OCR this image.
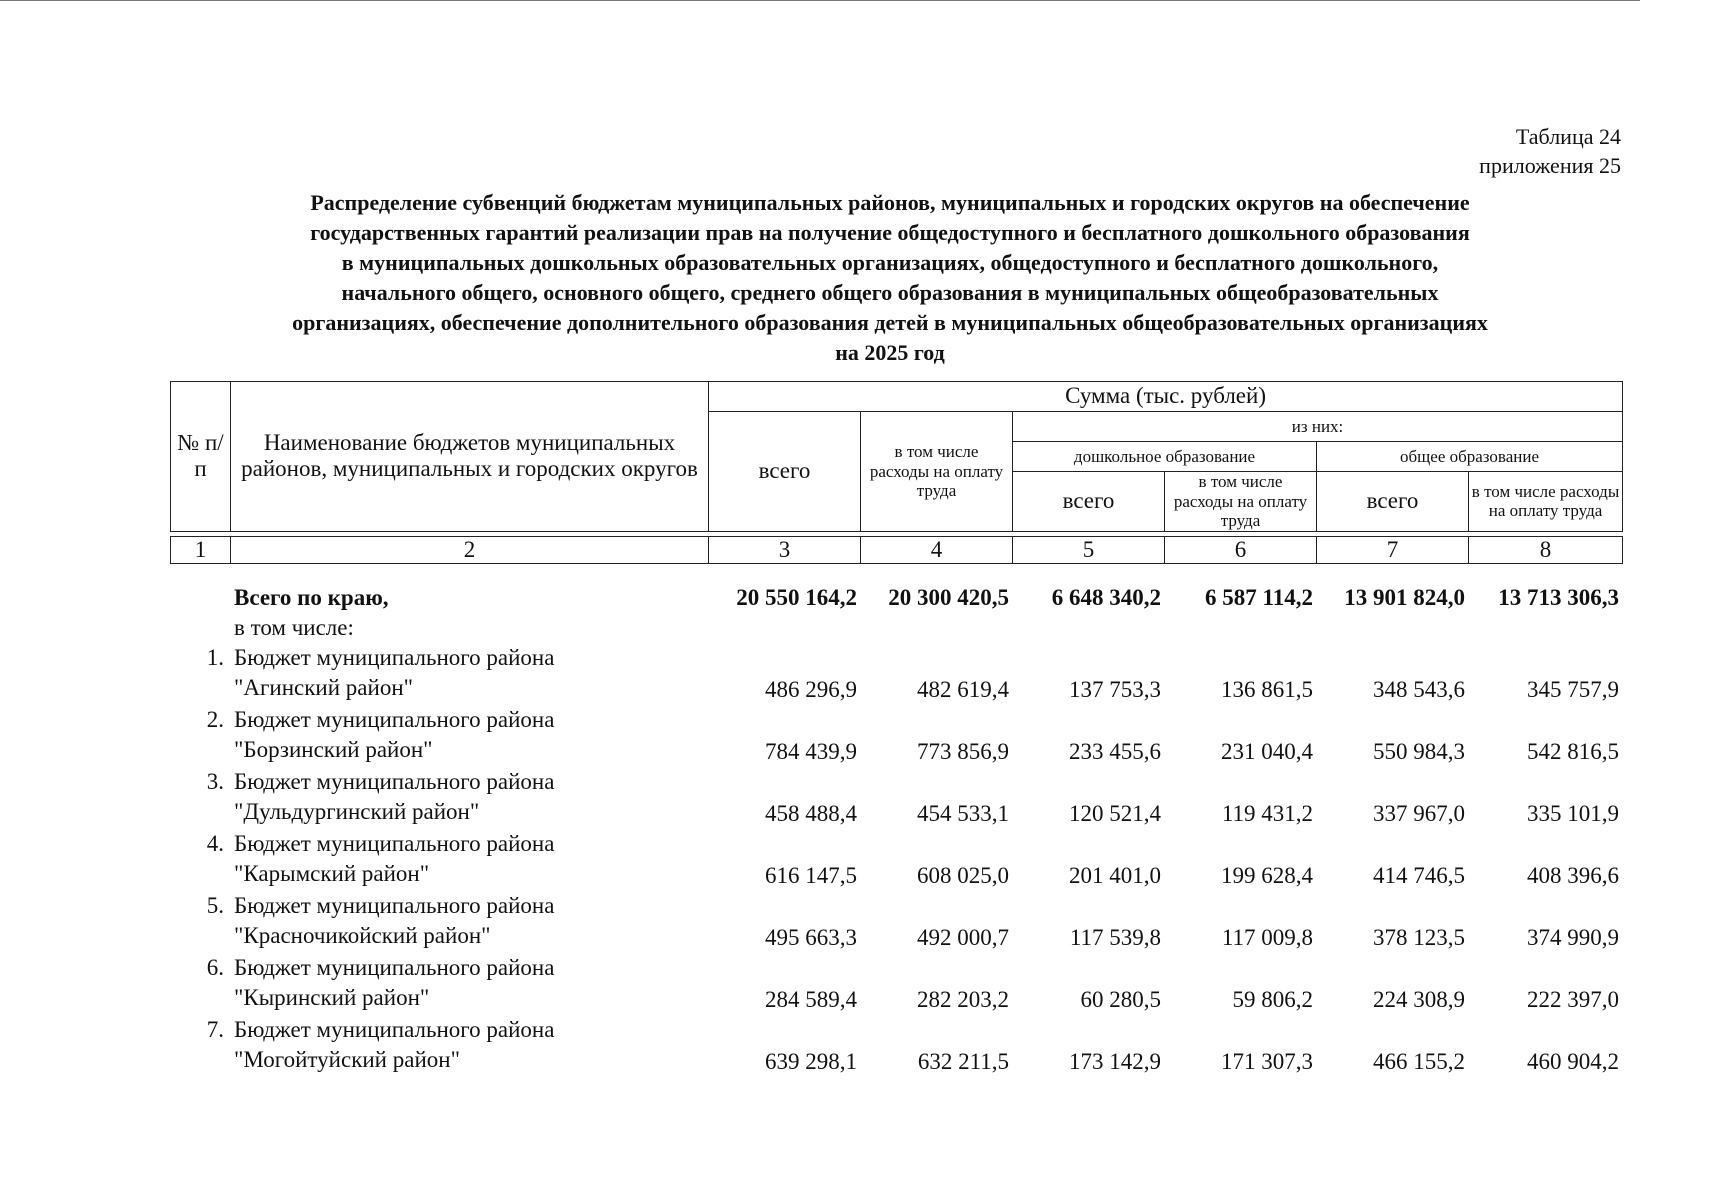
Таблица 24
приложения 25
Распределение субвенций бюджетам муниципальных районов, муниципальных и городских округов на обеспечение
государственных гарантий реализации прав на получение общедоступного и бесплатного дошкольного образования
в муниципальных дошкольных образовательных организациях, общедоступного и бесплатного дошкольного,
начального общего, основного общего, среднего общего образования в муниципальных общеобразовательных
организациях, обеспечение дополнительного образования детей в муниципальных общеобразовательных организациях
на 2025 год
№ п/п	Наименование бюджетов муниципальных районов, муниципальных и городских округов	Сумма (тыс. рублей)					
		всего	в том числе расходы на оплату труда	из них:			
				дошкольное образование		общее образование	
				всего	в том числе расходы на оплату труда	всего	в том числе расходы на оплату труда

1	2	3	4	5	6	7	8
	Всего по краю,	20 550 164,2	20 300 420,5	6 648 340,2	6 587 114,2	13 901 824,0	13 713 306,3
	в том числе:						
1.	Бюджет муниципального района
"Агинский район"	486 296,9	482 619,4	137 753,3	136 861,5	348 543,6	345 757,9
2.	Бюджет муниципального района
"Борзинский район"	784 439,9	773 856,9	233 455,6	231 040,4	550 984,3	542 816,5
3.	Бюджет муниципального района
"Дульдургинский район"	458 488,4	454 533,1	120 521,4	119 431,2	337 967,0	335 101,9
4.	Бюджет муниципального района
"Карымский район"	616 147,5	608 025,0	201 401,0	199 628,4	414 746,5	408 396,6
5.	Бюджет муниципального района
"Красночикойский район"	495 663,3	492 000,7	117 539,8	117 009,8	378 123,5	374 990,9
6.	Бюджет муниципального района
"Кыринский район"	284 589,4	282 203,2	60 280,5	59 806,2	224 308,9	222 397,0
7.	Бюджет муниципального района
"Могойтуйский район"	639 298,1	632 211,5	173 142,9	171 307,3	466 155,2	460 904,2
